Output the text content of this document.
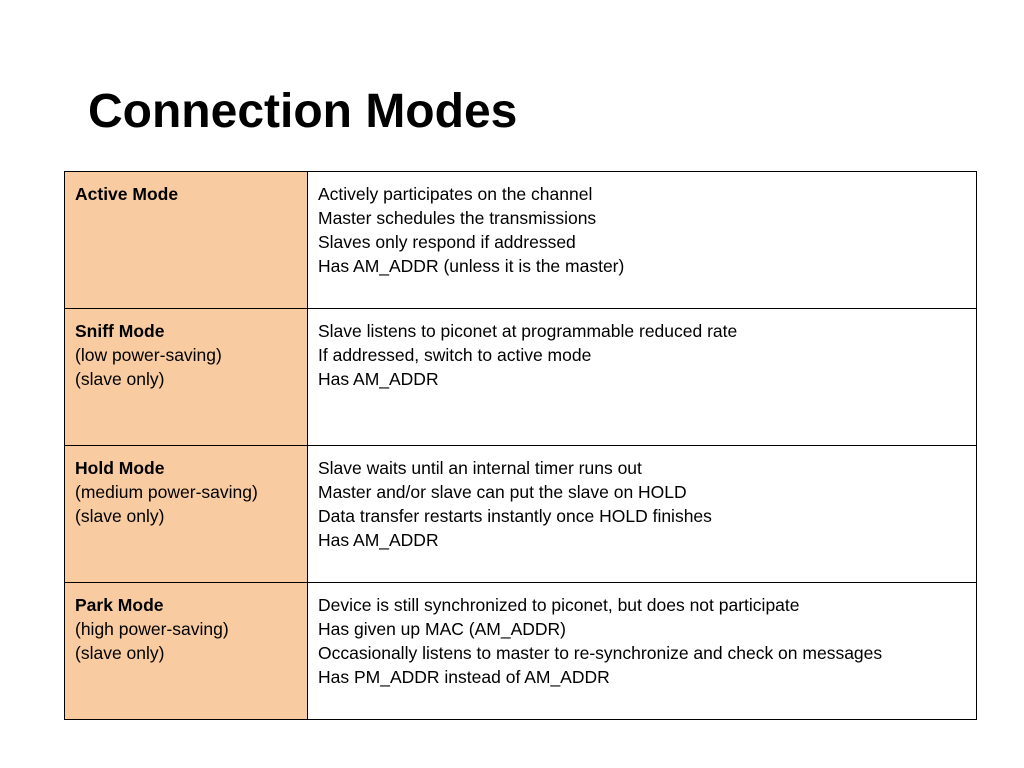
Connection Modes
Active Mode	Actively participates on the channel
Master schedules the transmissions
Slaves only respond if addressed
Has AM_ADDR (unless it is the master)

Sniff Mode
(low power-saving)
(slave only)	Slave listens to piconet at programmable reduced rate
If addressed, switch to active mode
Has AM_ADDR

Hold Mode
(medium power-saving)
(slave only)	Slave waits until an internal timer runs out
Master and/or slave can put the slave on HOLD
Data transfer restarts instantly once HOLD finishes
Has AM_ADDR

Park Mode
(high power-saving)
(slave only)	Device is still synchronized to piconet, but does not participate
Has given up MAC (AM_ADDR)
Occasionally listens to master to re-synchronize and check on messages
Has PM_ADDR instead of AM_ADDR
